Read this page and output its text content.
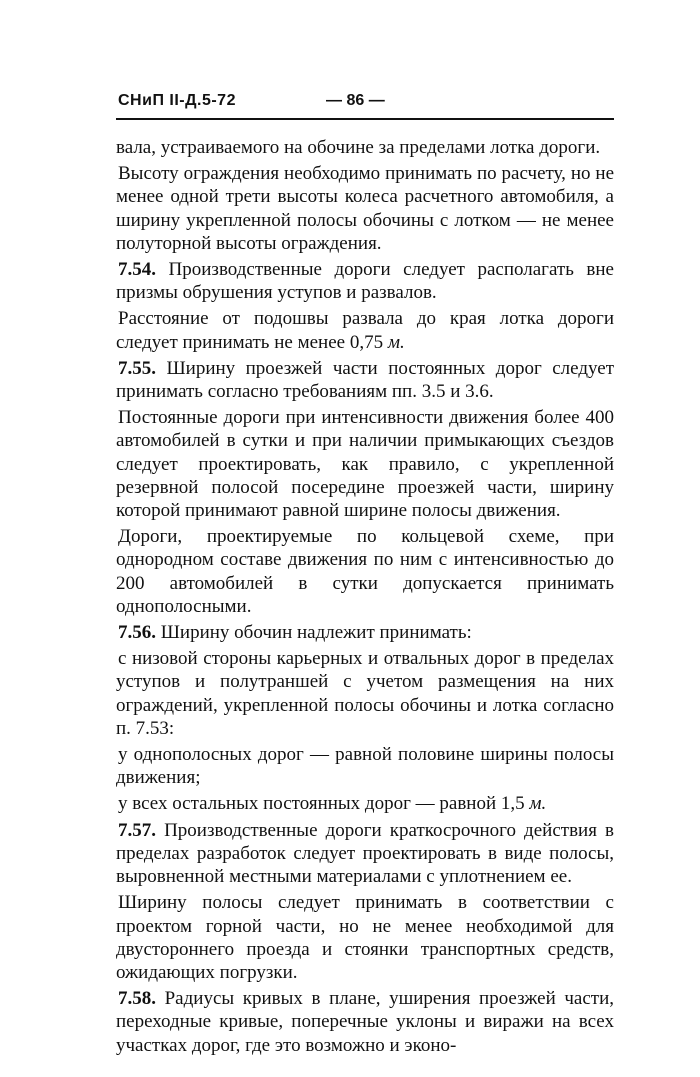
СНиП II-Д.5-72	— 86 —

вала, устраиваемого на обочине за пределами лотка дороги.

Высоту ограждения необходимо принимать по расчету, но не менее одной трети высоты колеса расчетного автомобиля, а ширину укрепленной полосы обочины с лотком — не менее полуторной высоты ограждения.

7.54. Производственные дороги следует располагать вне призмы обрушения уступов и развалов.

Расстояние от подошвы развала до края лотка дороги следует принимать не менее 0,75 м.

7.55. Ширину проезжей части постоянных дорог следует принимать согласно требованиям пп. 3.5 и 3.6.

Постоянные дороги при интенсивности движения более 400 автомобилей в сутки и при наличии примыкающих съездов следует проектировать, как правило, с укрепленной резервной полосой посередине проезжей части, ширину которой принимают равной ширине полосы движения.

Дороги, проектируемые по кольцевой схеме, при однородном составе движения по ним с интенсивностью до 200 автомобилей в сутки допускается принимать однополосными.

7.56. Ширину обочин надлежит принимать:

с низовой стороны карьерных и отвальных дорог в пределах уступов и полутраншей с учетом размещения на них ограждений, укрепленной полосы обочины и лотка согласно п. 7.53:

у однополосных дорог — равной половине ширины полосы движения;

у всех остальных постоянных дорог — равной 1,5 м.

7.57. Производственные дороги краткосрочного действия в пределах разработок следует проектировать в виде полосы, выровненной местными материалами с уплотнением ее.

Ширину полосы следует принимать в соответствии с проектом горной части, но не менее необходимой для двустороннего проезда и стоянки транспортных средств, ожидающих погрузки.

7.58. Радиусы кривых в плане, уширения проезжей части, переходные кривые, поперечные уклоны и виражи на всех участках дорог, где это возможно и эконо-
